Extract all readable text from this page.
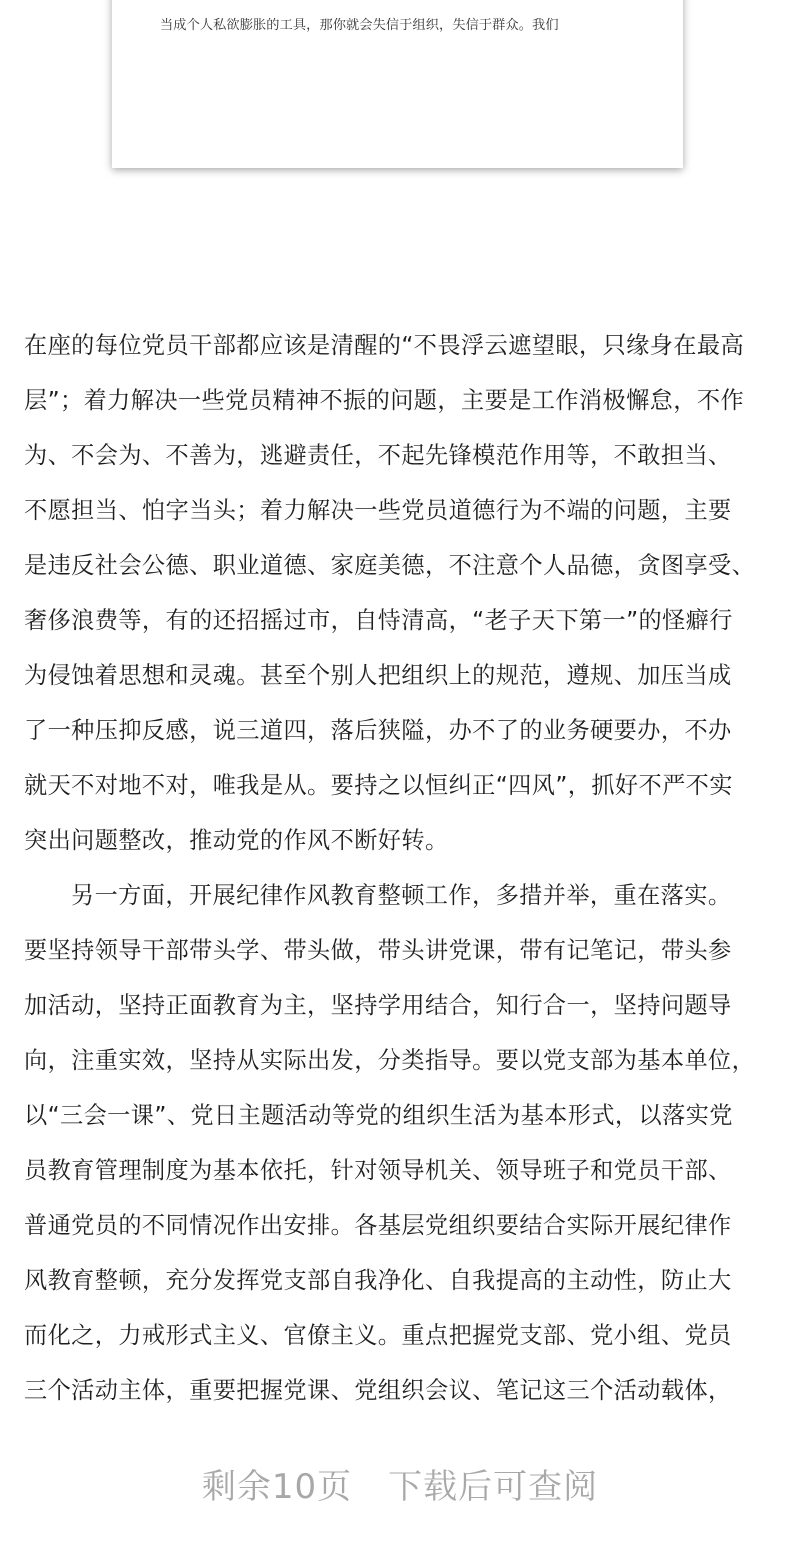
当成个人私欲膨胀的工具，那你就会失信于组织，失信于群众。我们
在座的每位党员干部都应该是清醒的“不畏浮云遮望眼，只缘身在最高
层”；着力解决一些党员精神不振的问题，主要是工作消极懈怠，不作
为、不会为、不善为，逃避责任，不起先锋模范作用等，不敢担当、
不愿担当、怕字当头；着力解决一些党员道德行为不端的问题，主要
是违反社会公德、职业道德、家庭美德，不注意个人品德，贪图享受、
奢侈浪费等，有的还招摇过市，自恃清高，“老子天下第一”的怪癖行
为侵蚀着思想和灵魂。甚至个别人把组织上的规范，遵规、加压当成
了一种压抑反感，说三道四，落后狭隘，办不了的业务硬要办，不办
就天不对地不对，唯我是从。要持之以恒纠正“四风”，抓好不严不实
突出问题整改，推动党的作风不断好转。
另一方面，开展纪律作风教育整顿工作，多措并举，重在落实。
要坚持领导干部带头学、带头做，带头讲党课，带有记笔记，带头参
加活动，坚持正面教育为主，坚持学用结合，知行合一，坚持问题导
向，注重实效，坚持从实际出发，分类指导。要以党支部为基本单位，
以“三会一课”、党日主题活动等党的组织生活为基本形式，以落实党
员教育管理制度为基本依托，针对领导机关、领导班子和党员干部、
普通党员的不同情况作出安排。各基层党组织要结合实际开展纪律作
风教育整顿，充分发挥党支部自我净化、自我提高的主动性，防止大
而化之，力戒形式主义、官僚主义。重点把握党支部、党小组、党员
三个活动主体，重要把握党课、党组织会议、笔记这三个活动载体，
剩余10页 下载后可查阅
